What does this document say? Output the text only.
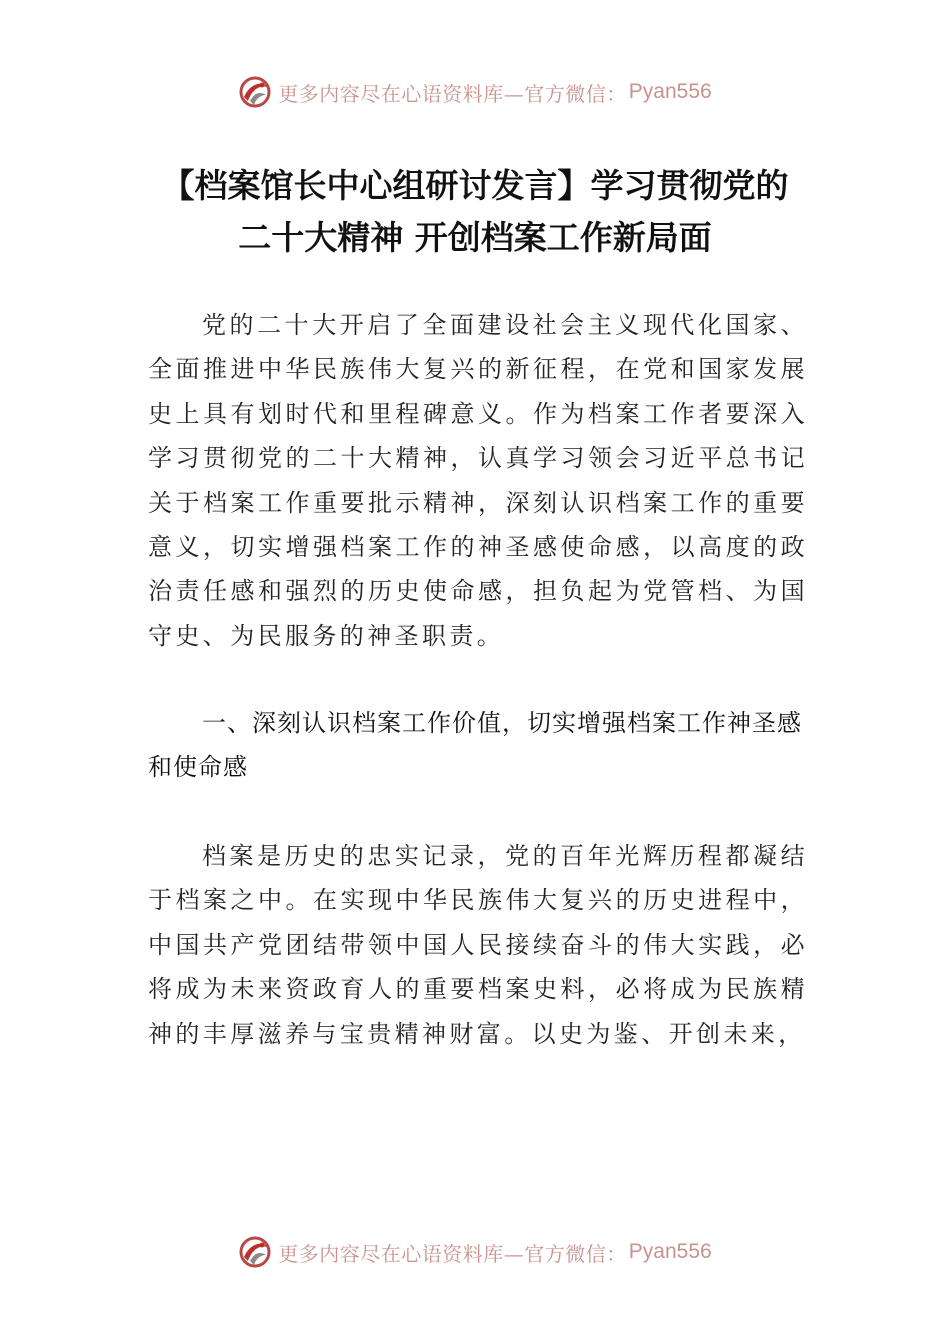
更多内容尽在心语资料库—官方微信： Pyan556
【档案馆长中心组研讨发言】学习贯彻党的
二十大精神 开创档案工作新局面

党的二十大开启了全面建设社会主义现代化国家、全面推进中华民族伟大复兴的新征程，在党和国家发展史上具有划时代和里程碑意义。作为档案工作者要深入学习贯彻党的二十大精神，认真学习领会习近平总书记关于档案工作重要批示精神，深刻认识档案工作的重要意义，切实增强档案工作的神圣感使命感，以高度的政治责任感和强烈的历史使命感，担负起为党管档、为国守史、为民服务的神圣职责。

一、深刻认识档案工作价值，切实增强档案工作神圣感和使命感

档案是历史的忠实记录，党的百年光辉历程都凝结于档案之中。在实现中华民族伟大复兴的历史进程中，中国共产党团结带领中国人民接续奋斗的伟大实践，必将成为未来资政育人的重要档案史料，必将成为民族精神的丰厚滋养与宝贵精神财富。以史为鉴、开创未来，

更多内容尽在心语资料库—官方微信： Pyan556
